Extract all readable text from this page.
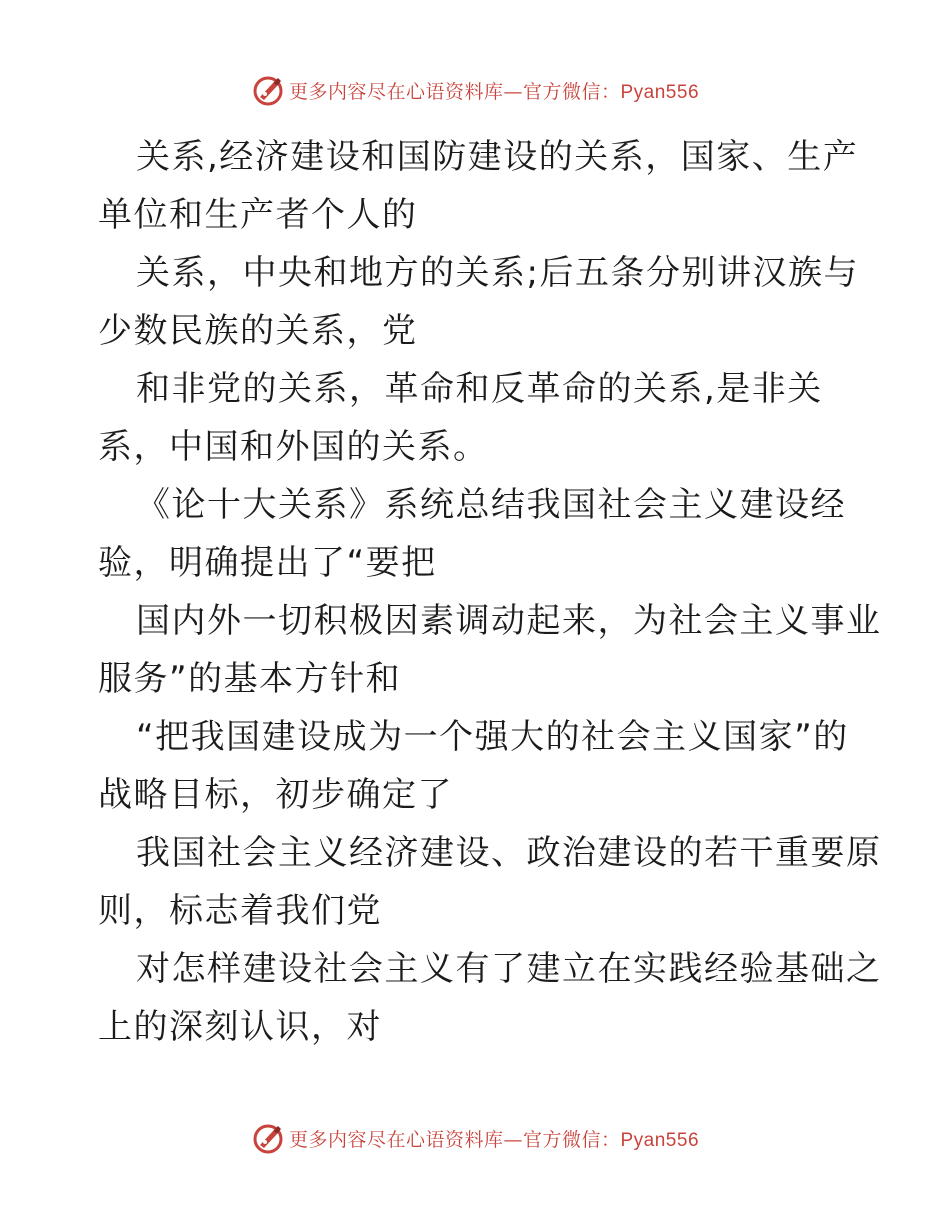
更多内容尽在心语资料库—官方微信：Pyan556
关系,经济建设和国防建设的关系，国家、生产
单位和生产者个人的
关系，中央和地方的关系;后五条分别讲汉族与
少数民族的关系，党
和非党的关系，革命和反革命的关系,是非关
系，中国和外国的关系。
《论十大关系》系统总结我国社会主义建设经
验，明确提出了“要把
国内外一切积极因素调动起来，为社会主义事业
服务”的基本方针和
“把我国建设成为一个强大的社会主义国家”的
战略目标，初步确定了
我国社会主义经济建设、政治建设的若干重要原
则，标志着我们党
对怎样建设社会主义有了建立在实践经验基础之
上的深刻认识，对
更多内容尽在心语资料库—官方微信：Pyan556
